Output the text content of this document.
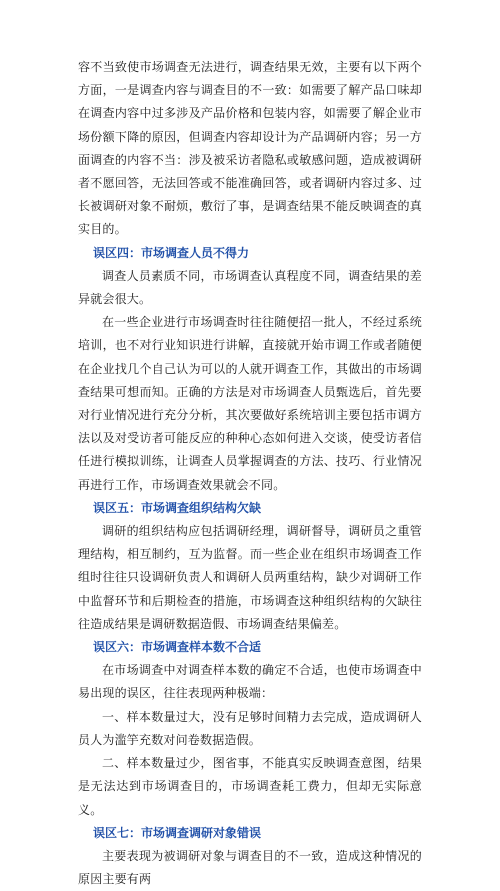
容不当致使市场调查无法进行，调查结果无效，主要有以下两个方面，一是调查内容与调查目的不一致：如需要了解产品口味却在调查内容中过多涉及产品价格和包装内容，如需要了解企业市场份额下降的原因，但调查内容却设计为产品调研内容；另一方面调查的内容不当：涉及被采访者隐私或敏感问题，造成被调研者不愿回答，无法回答或不能准确回答，或者调研内容过多、过长被调研对象不耐烦，敷衍了事，是调查结果不能反映调查的真实目的。

误区四：市场调查人员不得力

调查人员素质不同，市场调查认真程度不同，调查结果的差异就会很大。

在一些企业进行市场调查时往往随便招一批人，不经过系统培训，也不对行业知识进行讲解，直接就开始市调工作或者随便在企业找几个自己认为可以的人就开调查工作，其做出的市场调查结果可想而知。正确的方法是对市场调查人员甄选后，首先要对行业情况进行充分分析，其次要做好系统培训主要包括市调方法以及对受访者可能反应的种种心态如何进入交谈，使受访者信任进行模拟训练，让调查人员掌握调查的方法、技巧、行业情况再进行工作，市场调查效果就会不同。

误区五：市场调查组织结构欠缺

调研的组织结构应包括调研经理，调研督导，调研员之重管理结构，相互制约，互为监督。而一些企业在组织市场调查工作组时往往只设调研负责人和调研人员两重结构，缺少对调研工作中监督环节和后期检查的措施，市场调查这种组织结构的欠缺往往造成结果是调研数据造假、市场调查结果偏差。

误区六：市场调查样本数不合适

在市场调查中对调查样本数的确定不合适，也使市场调查中易出现的误区，往往表现两种极端：

一、样本数量过大，没有足够时间精力去完成，造成调研人员人为滥竽充数对问卷数据造假。

二、样本数量过少，图省事，不能真实反映调查意图，结果是无法达到市场调查目的，市场调查耗工费力，但却无实际意义。

误区七：市场调查调研对象错误

主要表现为被调研对象与调查目的不一致，造成这种情况的原因主要有两
